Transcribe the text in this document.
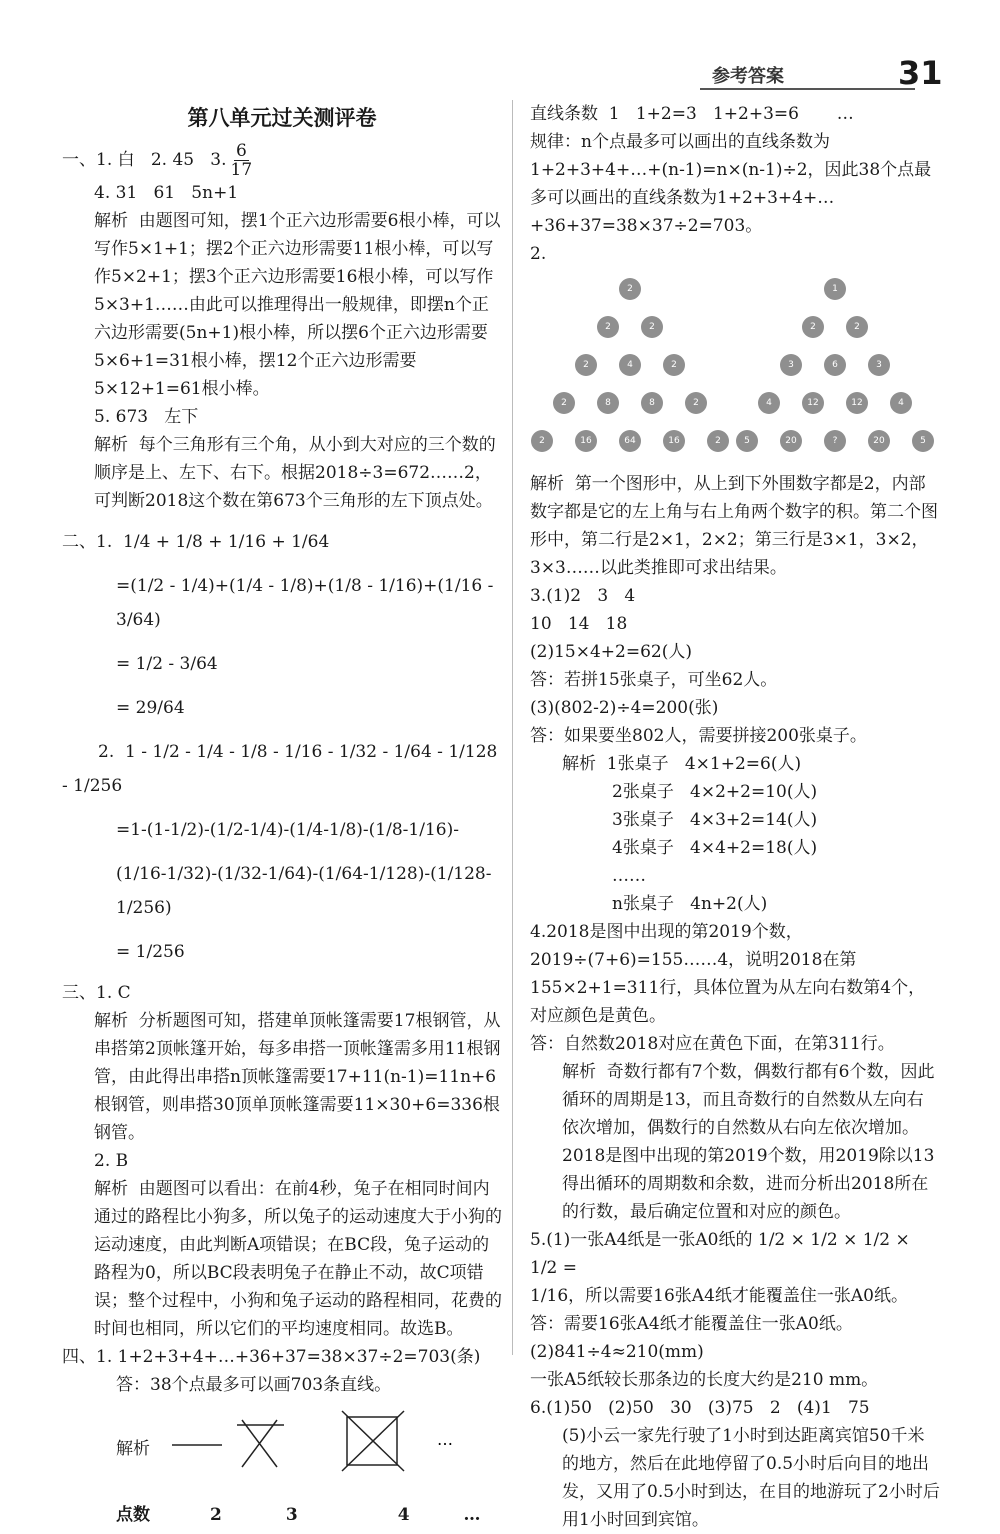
参考答案	31
第八单元过关测评卷

一、1. 白   2. 45   3. $\frac{6}{17}$

4. 31   61   5n+1

解析  由题图可知，摆1个正六边形需要6根小棒，可以写作5×1+1；摆2个正六边形需要11根小棒，可以写作5×2+1；摆3个正六边形需要16根小棒，可以写作5×3+1……由此可以推理得出一般规律，即摆n个正六边形需要(5n+1)根小棒，所以摆6个正六边形需要5×6+1=31根小棒，摆12个正六边形需要5×12+1=61根小棒。

5. 673   左下

解析  每个三角形有三个角，从小到大对应的三个数的顺序是上、左下、右下。根据2018÷3=672……2，可判断2018这个数在第673个三角形的左下顶点处。

二、1. 1/4 + 1/8 + 1/16 + 1/64

=(1/2 - 1/4)+(1/4 - 1/8)+(1/8 - 1/16)+(1/16 - 3/64)

= 1/2 - 3/64

= 29/64

2. 1 - 1/2 - 1/4 - 1/8 - 1/16 - 1/32 - 1/64 - 1/128 - 1/256

=1-(1-1/2)-(1/2-1/4)-(1/4-1/8)-(1/8-1/16)-

(1/16-1/32)-(1/32-1/64)-(1/64-1/128)-(1/128-1/256)

= 1/256

三、1. C

解析  分析题图可知，搭建单顶帐篷需要17根钢管，从串搭第2顶帐篷开始，每多串搭一顶帐篷需多用11根钢管，由此得出串搭n顶帐篷需要17+11(n-1)=11n+6根钢管，则串搭30顶单顶帐篷需要11×30+6=336根钢管。

2. B

解析  由题图可以看出：在前4秒，兔子在相同时间内通过的路程比小狗多，所以兔子的运动速度大于小狗的运动速度，由此判断A项错误；在BC段，兔子运动的路程为0，所以BC段表明兔子在静止不动，故C项错误；整个过程中，小狗和兔子运动的路程相同，花费的时间也相同，所以它们的平均速度相同。故选B。

四、1. 1+2+3+4+…+36+37=38×37÷2=703(条)

答：38个点最多可以画703条直线。

解析	…

点数	2	3	4	…

直线条数  1   1+2=3   1+2+3=6       …

规律：n个点最多可以画出的直线条数为1+2+3+4+…+(n-1)=n×(n-1)÷2，因此38个点最多可以画出的直线条数为1+2+3+4+…+36+37=38×37÷2=703。

2.

2
2	2
2	4	2
2	8	8	2
2	16	64	16	2
1
2	2
3	6	3
4	12	12	4
5	20	?	20	5

解析  第一个图形中，从上到下外围数字都是2，内部数字都是它的左上角与右上角两个数字的积。第二个图形中，第二行是2×1，2×2；第三行是3×1，3×2，3×3……以此类推即可求出结果。

3.(1)2   3   4

10   14   18

(2)15×4+2=62(人)

答：若拼15张桌子，可坐62人。

(3)(802-2)÷4=200(张)

答：如果要坐802人，需要拼接200张桌子。

解析  1张桌子   4×1+2=6(人)

2张桌子   4×2+2=10(人)

3张桌子   4×3+2=14(人)

4张桌子   4×4+2=18(人)

……

n张桌子   4n+2(人)

4.2018是图中出现的第2019个数，2019÷(7+6)=155……4，说明2018在第155×2+1=311行，具体位置为从左向右数第4个，对应颜色是黄色。

答：自然数2018对应在黄色下面，在第311行。

解析  奇数行都有7个数，偶数行都有6个数，因此循环的周期是13，而且奇数行的自然数从左向右依次增加，偶数行的自然数从右向左依次增加。2018是图中出现的第2019个数，用2019除以13得出循环的周期数和余数，进而分析出2018所在的行数，最后确定位置和对应的颜色。

5.(1)一张A4纸是一张A0纸的 1/2 × 1/2 × 1/2 × 1/2 =

1/16，所以需要16张A4纸才能覆盖住一张A0纸。

答：需要16张A4纸才能覆盖住一张A0纸。

(2)841÷4≈210(mm)

一张A5纸较长那条边的长度大约是210 mm。

6.(1)50   (2)50   30   (3)75   2   (4)1   75

(5)小云一家先行驶了1小时到达距离宾馆50千米的地方，然后在此地停留了0.5小时后向目的地出发，又用了0.5小时到达，在目的地游玩了2小时后用1小时回到宾馆。
